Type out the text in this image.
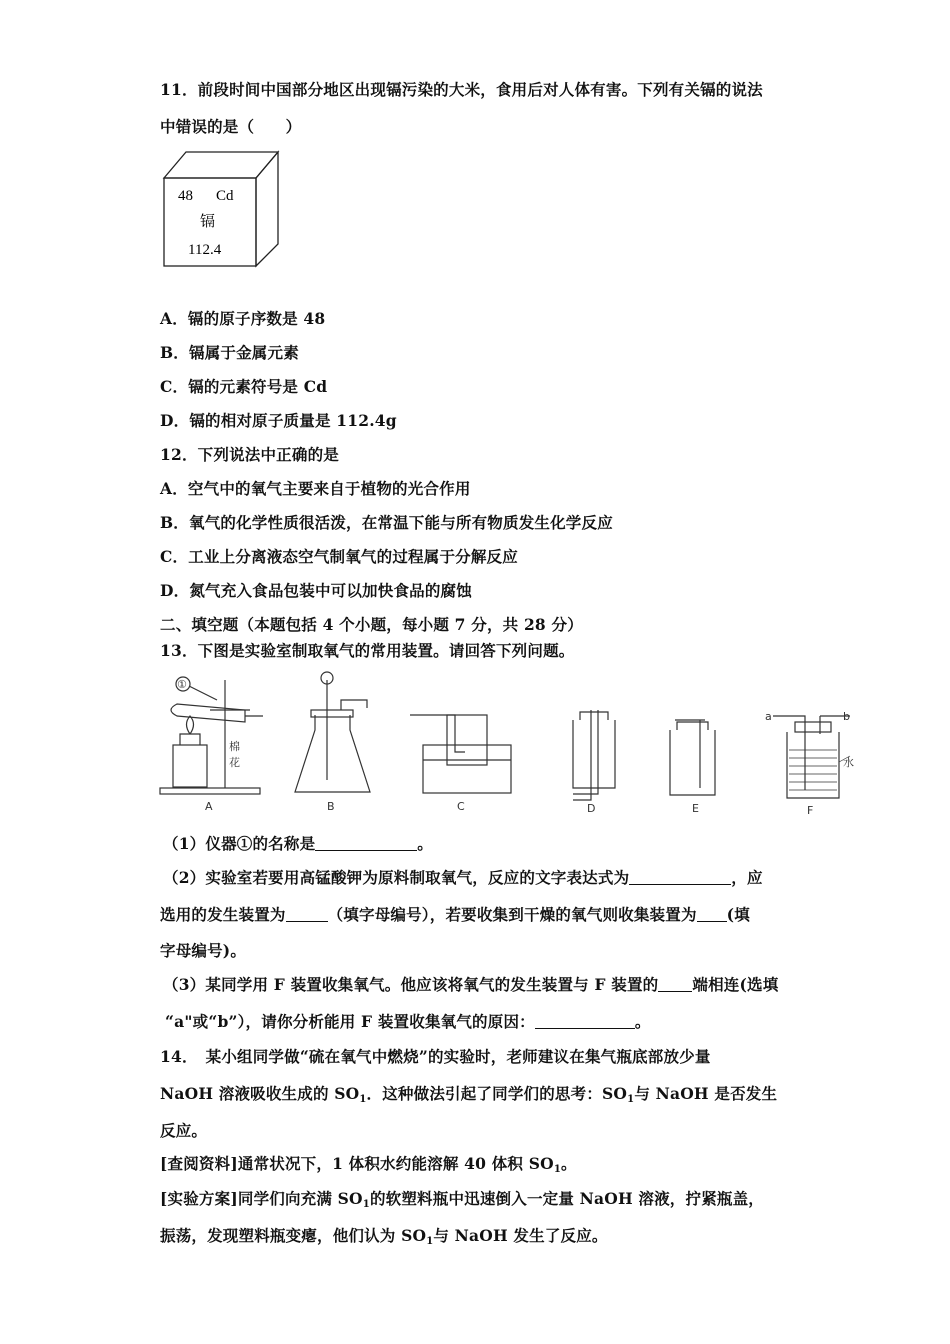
11．前段时间中国部分地区出现镉污染的大米，食用后对人体有害。下列有关镉的说法
中错误的是（　　）
48 Cd
镉
112.4
A．镉的原子序数是 48
B．镉属于金属元素
C．镉的元素符号是 Cd
D．镉的相对原子质量是 112.4g
12．下列说法中正确的是
A．空气中的氧气主要来自于植物的光合作用
B．氧气的化学性质很活泼，在常温下能与所有物质发生化学反应
C．工业上分离液态空气制氧气的过程属于分解反应
D．氮气充入食品包装中可以加快食品的腐蚀
二、填空题（本题包括 4 个小题，每小题 7 分，共 28 分）
13．下图是实验室制取氧气的常用装置。请回答下列问题。
①
棉
花
a	b
水
A	B	C	D	E	F
（1）仪器①的名称是	。
（2）实验室若要用高锰酸钾为原料制取氧气，反应的文字表达式为	，应
选用的发生装置为	（填字母编号），若要收集到干燥的氧气则收集装置为 (填
字母编号)。
（3）某同学用 F 装置收集氧气。他应该将氧气的发生装置与 F 装置的 端相连(选填
“a"或“b”），请你分析能用 F 装置收集氧气的原因：	。
14．　某小组同学做“硫在氧气中燃烧”的实验时，老师建议在集气瓶底部放少量
NaOH 溶液吸收生成的 $SO_1$．这种做法引起了同学们的思考：$SO_1$与 NaOH 是否发生
反应。
[查阅资料]通常状况下，1 体积水约能溶解 40 体积 $SO_1$。
[实验方案]同学们向充满 $SO_1$的软塑料瓶中迅速倒入一定量 NaOH 溶液，拧紧瓶盖，
振荡，发现塑料瓶变瘪，他们认为 $SO_1$与 NaOH 发生了反应。
